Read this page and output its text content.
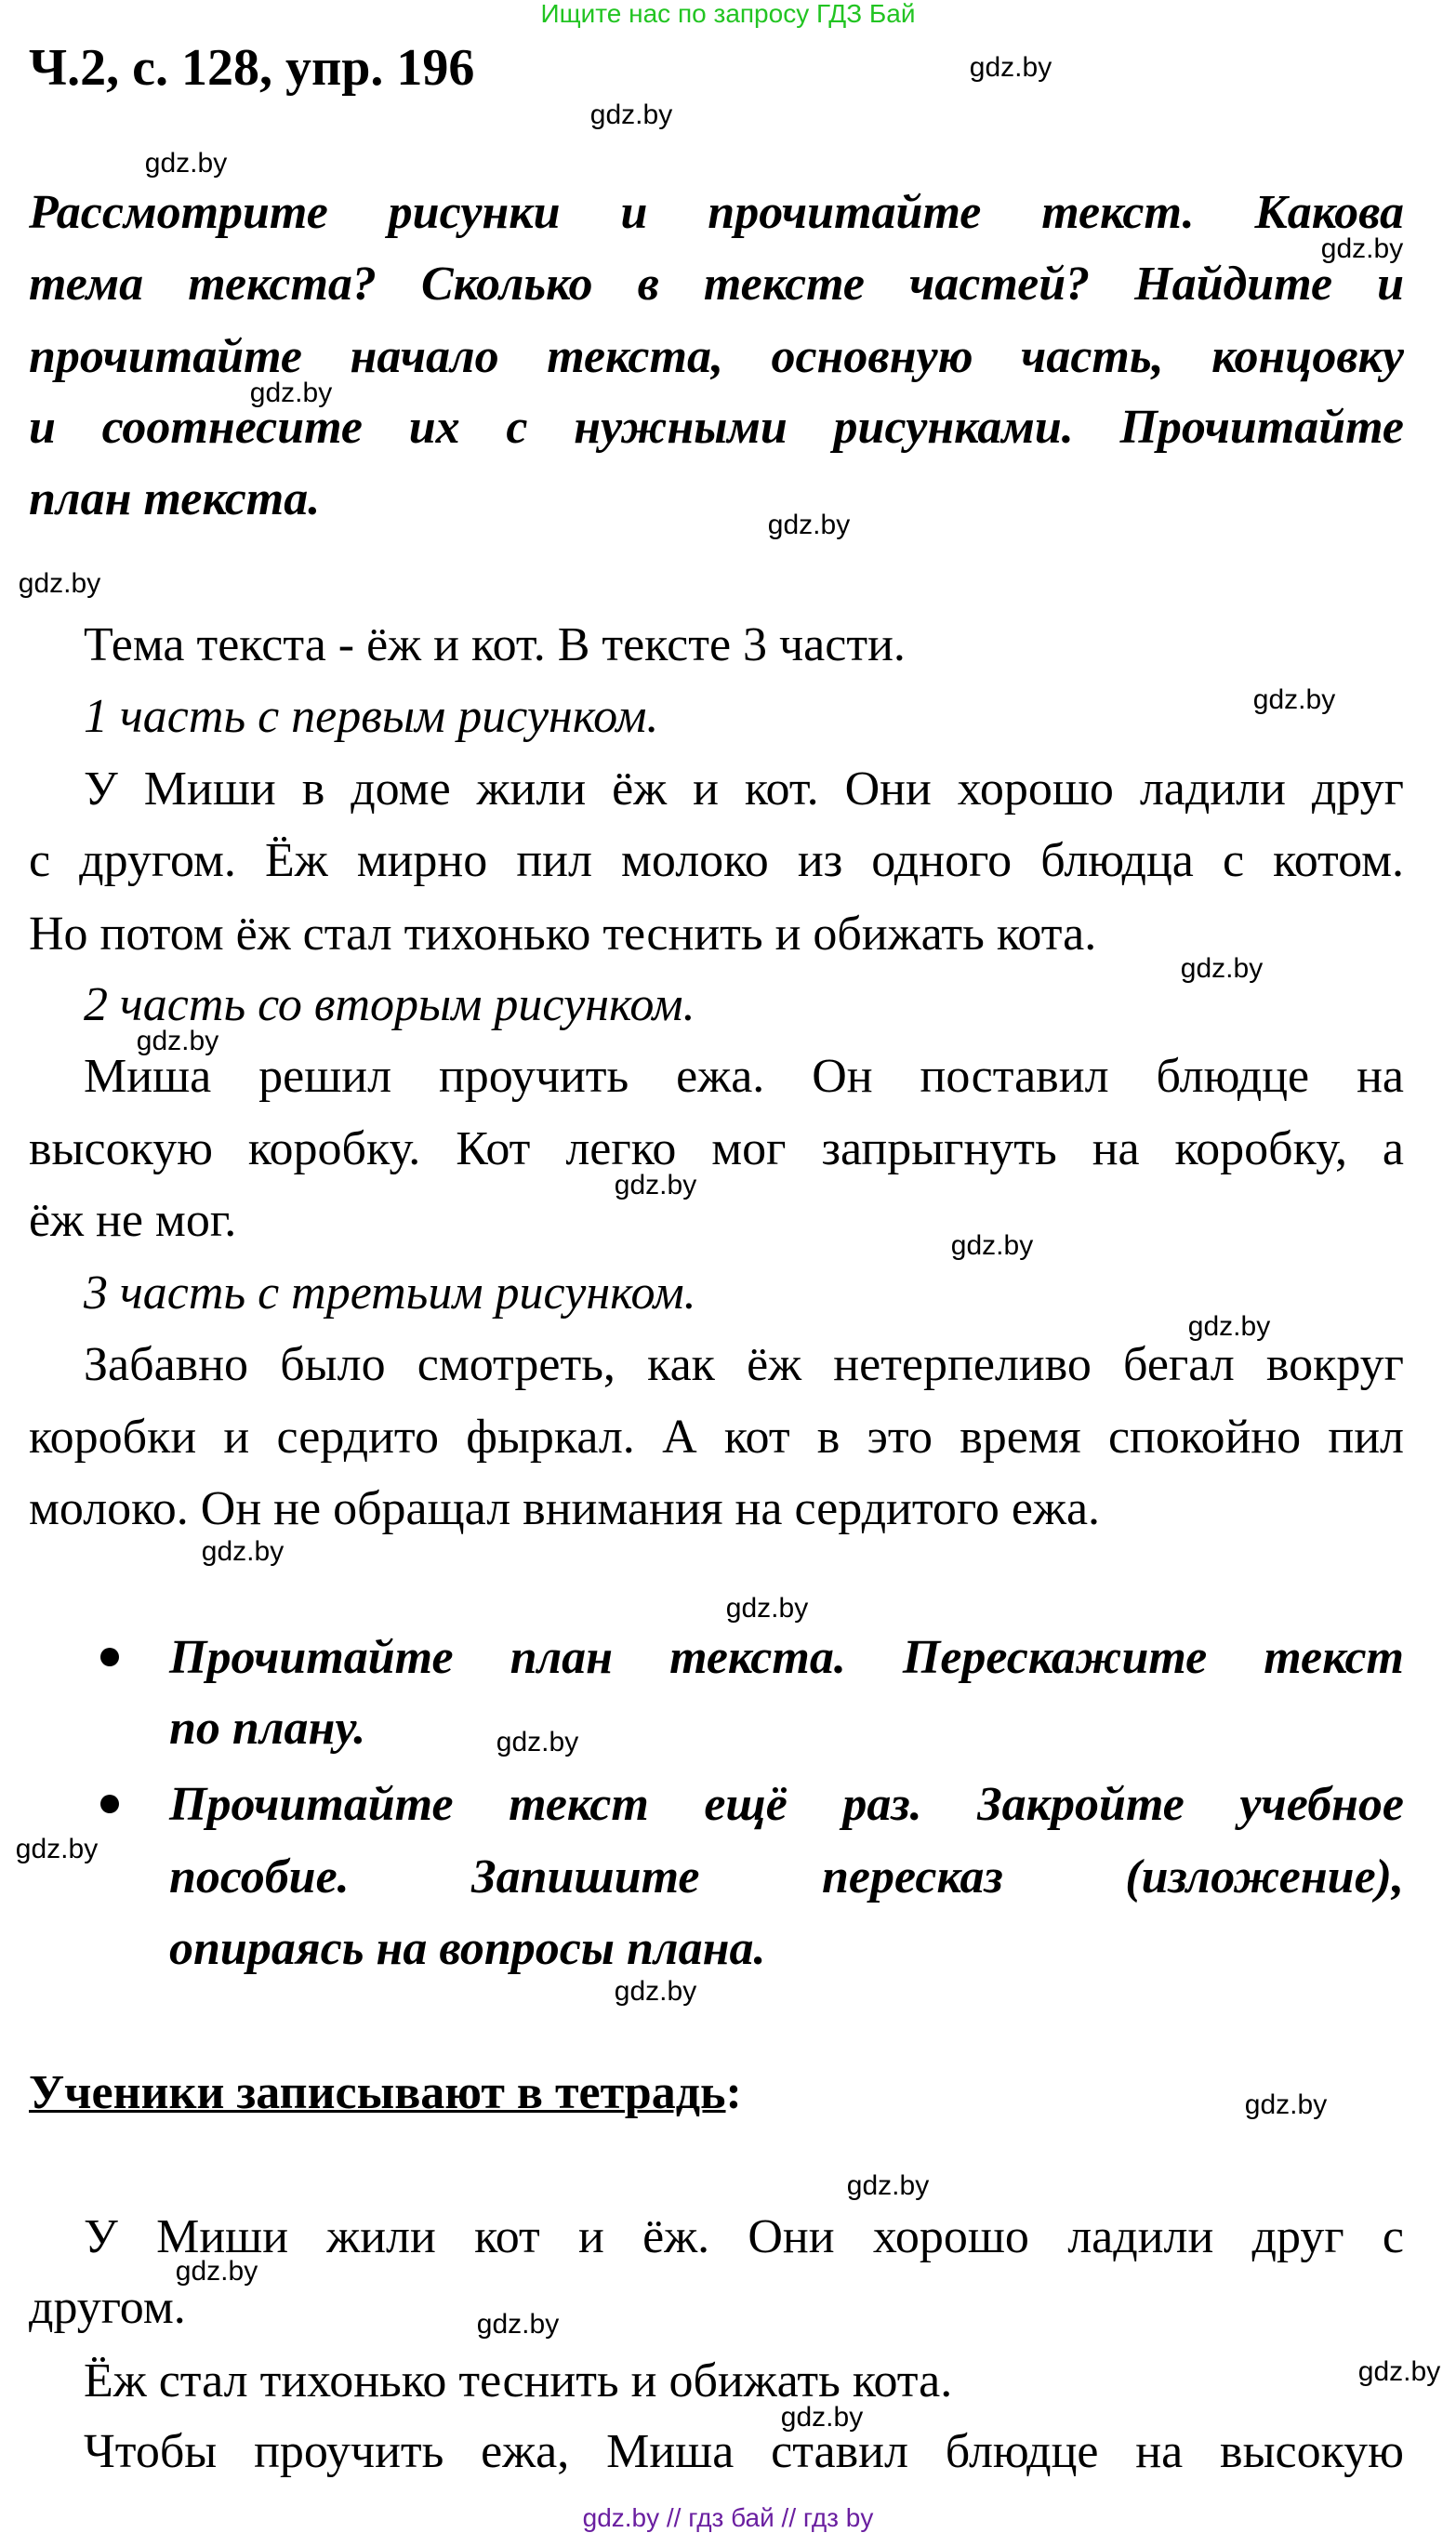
Ищите нас по запросу ГДЗ Бай
Ч.2, с. 128, упр. 196
Рассмотрите рисунки и прочитайте текст. Какова
тема текста? Сколько в тексте частей? Найдите и
прочитайте начало текста, основную часть, концовку
и соотнесите их с нужными рисунками. Прочитайте
план текста.
Тема текста - ёж и кот. В тексте 3 части.
1 часть с первым рисунком.
У Миши в доме жили ёж и кот. Они хорошо ладили друг
с другом. Ёж мирно пил молоко из одного блюдца с котом.
Но потом ёж стал тихонько теснить и обижать кота.
2 часть со вторым рисунком.
Миша решил проучить ежа. Он поставил блюдце на
высокую коробку. Кот легко мог запрыгнуть на коробку, а
ёж не мог.
3 часть с третьим рисунком.
Забавно было смотреть, как ёж нетерпеливо бегал вокруг
коробки и сердито фыркал. А кот в это время спокойно пил
молоко. Он не обращал внимания на сердитого ежа.
Прочитайте план текста. Перескажите текст
по плану.
Прочитайте текст ещё раз. Закройте учебное
пособие. Запишите пересказ (изложение),
опираясь на вопросы плана.
Ученики записывают в тетрадь:
У Миши жили кот и ёж. Они хорошо ладили друг с
другом.
Ёж стал тихонько теснить и обижать кота.
Чтобы проучить ежа, Миша ставил блюдце на высокую
gdz.by
gdz.by
gdz.by
gdz.by
gdz.by
gdz.by
gdz.by
gdz.by
gdz.by
gdz.by
gdz.by
gdz.by
gdz.by
gdz.by
gdz.by
gdz.by
gdz.by
gdz.by
gdz.by
gdz.by
gdz.by
gdz.by
gdz.by
gdz.by
gdz.by // гдз бай // гдз by
